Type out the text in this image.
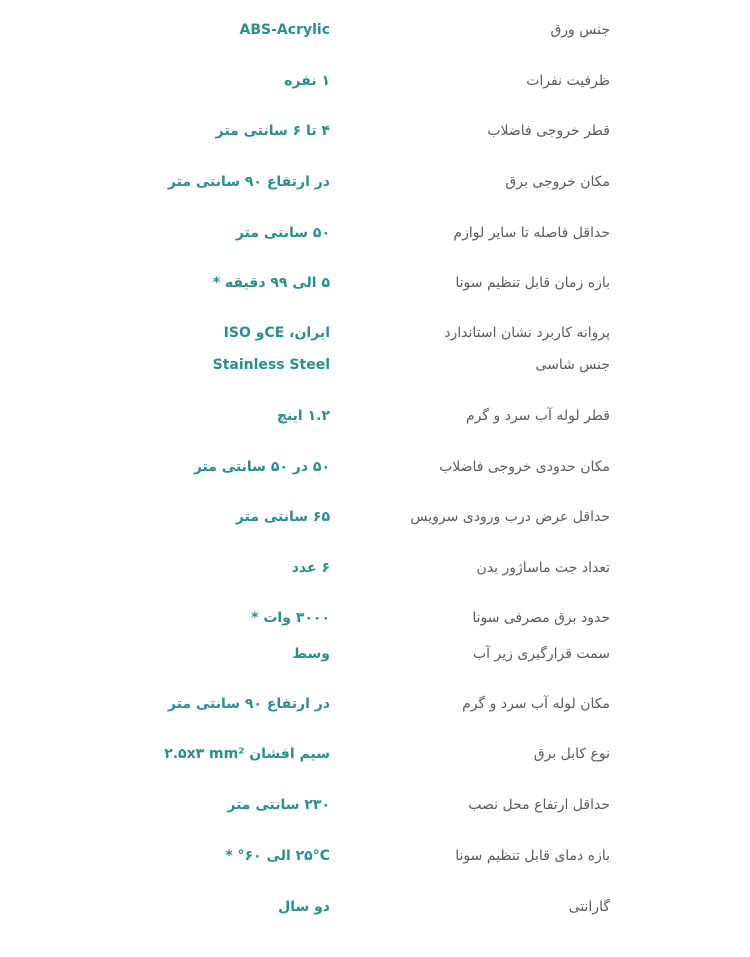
جنس ورق
ABS-Acrylic
ظرفیت نفرات
۱ نفره
قطر خروجی فاضلاب
۴ تا ۶ سانتی متر
مکان خروجی برق
در ارتفاع ۹۰ سانتی متر
حداقل فاصله تا سایر لوازم
۵۰ سانتی متر
بازه زمان قابل تنظیم سونا
۵ الی ۹۹ دقیقه *
پروانه کاربرد نشان استاندارد
ایران، CEو ISO
جنس شاسی
Stainless Steel
قطر لوله آب سرد و گرم
۱.۲ اینچ
مکان حدودی خروجی فاضلاب
۵۰ در ۵۰ سانتی متر
حداقل عرض درب ورودی سرویس
۶۵ سانتی متر
تعداد جت ماساژور بدن
۶ عدد
حدود برق مصرفی سونا
۳۰۰۰ وات *
سمت قرارگیری زیر آب
وسط
مکان لوله آب سرد و گرم
در ارتفاع ۹۰ سانتی متر
نوع کابل برق
سیم افشان ۲.۵x۳ mm²
حداقل ارتفاع محل نصب
۲۳۰ سانتی متر
بازه دمای قابل تنظیم سونا
۲۵°C الی ۶۰° *
گارانتی
دو سال
